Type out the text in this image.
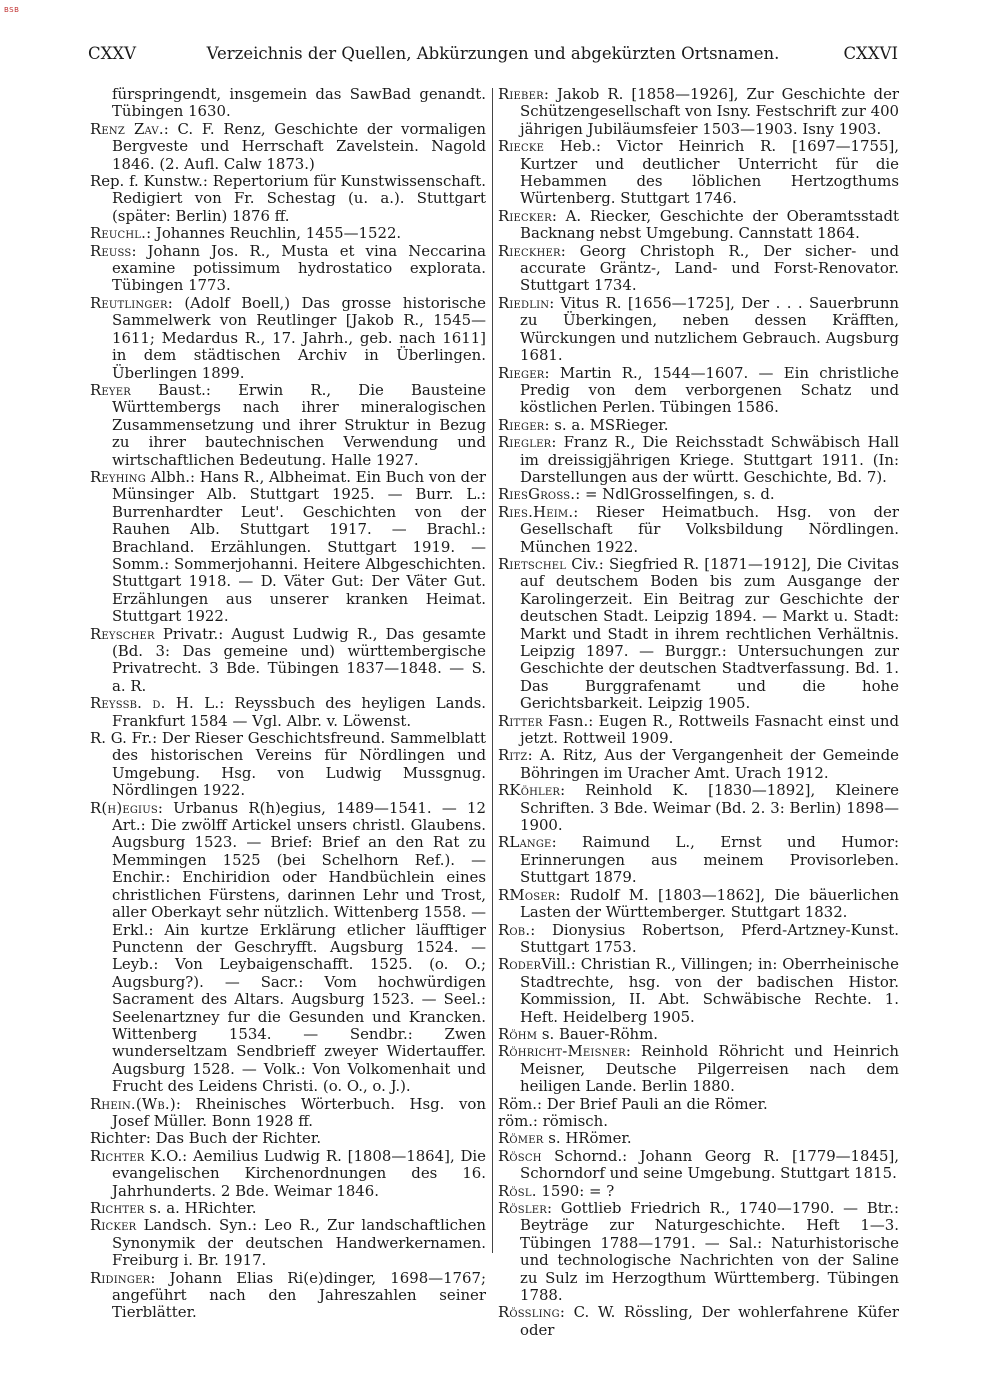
BSB
CXXV	Verzeichnis der Quellen, Abkürzungen und abgekürzten Ortsnamen.	CXXVI

fürspringendt, insgemein das SawBad genandt. Tübingen 1630.

Renz Zav.: C. F. Renz, Geschichte der vormaligen Bergveste und Herrschaft Zavelstein. Nagold 1846. (2. Aufl. Calw 1873.)

Rep. f. Kunstw.: Repertorium für Kunstwissenschaft. Redigiert von Fr. Schestag (u. a.). Stuttgart (später: Berlin) 1876 ff.

Reuchl.: Johannes Reuchlin, 1455—1522.

Reuss: Johann Jos. R., Musta et vina Neccarina examine potissimum hydrostatico explorata. Tübingen 1773.

Reutlinger: (Adolf Boell,) Das grosse historische Sammelwerk von Reutlinger [Jakob R., 1545—1611; Medardus R., 17. Jahrh., geb. nach 1611] in dem städtischen Archiv in Überlingen. Überlingen 1899.

Reyer Baust.: Erwin R., Die Bausteine Württembergs nach ihrer mineralogischen Zusammensetzung und ihrer Struktur in Bezug zu ihrer bautechnischen Verwendung und wirtschaftlichen Bedeutung. Halle 1927.

Reyhing Albh.: Hans R., Albheimat. Ein Buch von der Münsinger Alb. Stuttgart 1925. — Burr. L.: Burrenhardter Leut'. Geschichten von der Rauhen Alb. Stuttgart 1917. — Brachl.: Brachland. Erzählungen. Stuttgart 1919. — Somm.: Sommerjohanni. Heitere Albgeschichten. Stuttgart 1918. — D. Väter Gut: Der Väter Gut. Erzählungen aus unserer kranken Heimat. Stuttgart 1922.

Reyscher Privatr.: August Ludwig R., Das gesamte (Bd. 3: Das gemeine und) württembergische Privatrecht. 3 Bde. Tübingen 1837—1848. — S. a. R.

Reyssb. d. H. L.: Reyssbuch des heyligen Lands. Frankfurt 1584 — Vgl. Albr. v. Löwenst.

R. G. Fr.: Der Rieser Geschichtsfreund. Sammelblatt des historischen Vereins für Nördlingen und Umgebung. Hsg. von Ludwig Mussgnug. Nördlingen 1922.

R(h)egius: Urbanus R(h)egius, 1489—1541. — 12 Art.: Die zwölff Artickel unsers christl. Glaubens. Augsburg 1523. — Brief: Brief an den Rat zu Memmingen 1525 (bei Schelhorn Ref.). — Enchir.: Enchiridion oder Handbüchlein eines christlichen Fürstens, darinnen Lehr und Trost, aller Oberkayt sehr nützlich. Wittenberg 1558. — Erkl.: Ain kurtze Erklärung etlicher läufftiger Punctenn der Geschryfft. Augsburg 1524. — Leyb.: Von Leybaigenschafft. 1525. (o. O.; Augsburg?). — Sacr.: Vom hochwürdigen Sacrament des Altars. Augsburg 1523. — Seel.: Seelenartzney fur die Gesunden und Krancken. Wittenberg 1534. — Sendbr.: Zwen wunderseltzam Sendbrieff zweyer Widertauffer. Augsburg 1528. — Volk.: Von Volkomenhait und Frucht des Leidens Christi. (o. O., o. J.).

Rhein.(Wb.): Rheinisches Wörterbuch. Hsg. von Josef Müller. Bonn 1928 ff.

Richter: Das Buch der Richter.

Richter K.O.: Aemilius Ludwig R. [1808—1864], Die evangelischen Kirchenordnungen des 16. Jahrhunderts. 2 Bde. Weimar 1846.

Richter s. a. HRichter.

Ricker Landsch. Syn.: Leo R., Zur landschaftlichen Synonymik der deutschen Handwerkernamen. Freiburg i. Br. 1917.

Ridinger: Johann Elias Ri(e)dinger, 1698—1767; angeführt nach den Jahreszahlen seiner Tierblätter.

Rieber: Jakob R. [1858—1926], Zur Geschichte der Schützengesellschaft von Isny. Festschrift zur 400 jährigen Jubiläumsfeier 1503—1903. Isny 1903.

Riecke Heb.: Victor Heinrich R. [1697—1755], Kurtzer und deutlicher Unterricht für die Hebammen des löblichen Hertzogthums Würtenberg. Stuttgart 1746.

Riecker: A. Riecker, Geschichte der Oberamtsstadt Backnang nebst Umgebung. Cannstatt 1864.

Rieckher: Georg Christoph R., Der sicher- und accurate Gräntz-, Land- und Forst-Renovator. Stuttgart 1734.

Riedlin: Vitus R. [1656—1725], Der . . . Sauerbrunn zu Überkingen, neben dessen Kräfften, Würckungen und nutzlichem Gebrauch. Augsburg 1681.

Rieger: Martin R., 1544—1607. — Ein christliche Predig von dem verborgenen Schatz und köstlichen Perlen. Tübingen 1586.

Rieger: s. a. MSRieger.

Riegler: Franz R., Die Reichsstadt Schwäbisch Hall im dreissigjährigen Kriege. Stuttgart 1911. (In: Darstellungen aus der württ. Geschichte, Bd. 7).

RiesGross.: = NdlGrosselfingen, s. d.

Ries.Heim.: Rieser Heimatbuch. Hsg. von der Gesellschaft für Volksbildung Nördlingen. München 1922.

Rietschel Civ.: Siegfried R. [1871—1912], Die Civitas auf deutschem Boden bis zum Ausgange der Karolingerzeit. Ein Beitrag zur Geschichte der deutschen Stadt. Leipzig 1894. — Markt u. Stadt: Markt und Stadt in ihrem rechtlichen Verhältnis. Leipzig 1897. — Burggr.: Untersuchungen zur Geschichte der deutschen Stadtverfassung. Bd. 1. Das Burggrafenamt und die hohe Gerichtsbarkeit. Leipzig 1905.

Ritter Fasn.: Eugen R., Rottweils Fasnacht einst und jetzt. Rottweil 1909.

Ritz: A. Ritz, Aus der Vergangenheit der Gemeinde Böhringen im Uracher Amt. Urach 1912.

RKöhler: Reinhold K. [1830—1892], Kleinere Schriften. 3 Bde. Weimar (Bd. 2. 3: Berlin) 1898—1900.

RLange: Raimund L., Ernst und Humor: Erinnerungen aus meinem Provisorleben. Stuttgart 1879.

RMoser: Rudolf M. [1803—1862], Die bäuerlichen Lasten der Württemberger. Stuttgart 1832.

Rob.: Dionysius Robertson, Pferd-Artzney-Kunst. Stuttgart 1753.

RoderVill.: Christian R., Villingen; in: Oberrheinische Stadtrechte, hsg. von der badischen Histor. Kommission, II. Abt. Schwäbische Rechte. 1. Heft. Heidelberg 1905.

Röhm s. Bauer-Röhm.

Röhricht-Meisner: Reinhold Röhricht und Heinrich Meisner, Deutsche Pilgerreisen nach dem heiligen Lande. Berlin 1880.

Röm.: Der Brief Pauli an die Römer.

röm.: römisch.

Römer s. HRömer.

Rösch Schornd.: Johann Georg R. [1779—1845], Schorndorf und seine Umgebung. Stuttgart 1815.

Rösl. 1590: = ?

Rösler: Gottlieb Friedrich R., 1740—1790. — Btr.: Beyträge zur Naturgeschichte. Heft 1—3. Tübingen 1788—1791. — Sal.: Naturhistorische und technologische Nachrichten von der Saline zu Sulz im Herzogthum Württemberg. Tübingen 1788.

Rössling: C. W. Rössling, Der wohlerfahrene Küfer oder
